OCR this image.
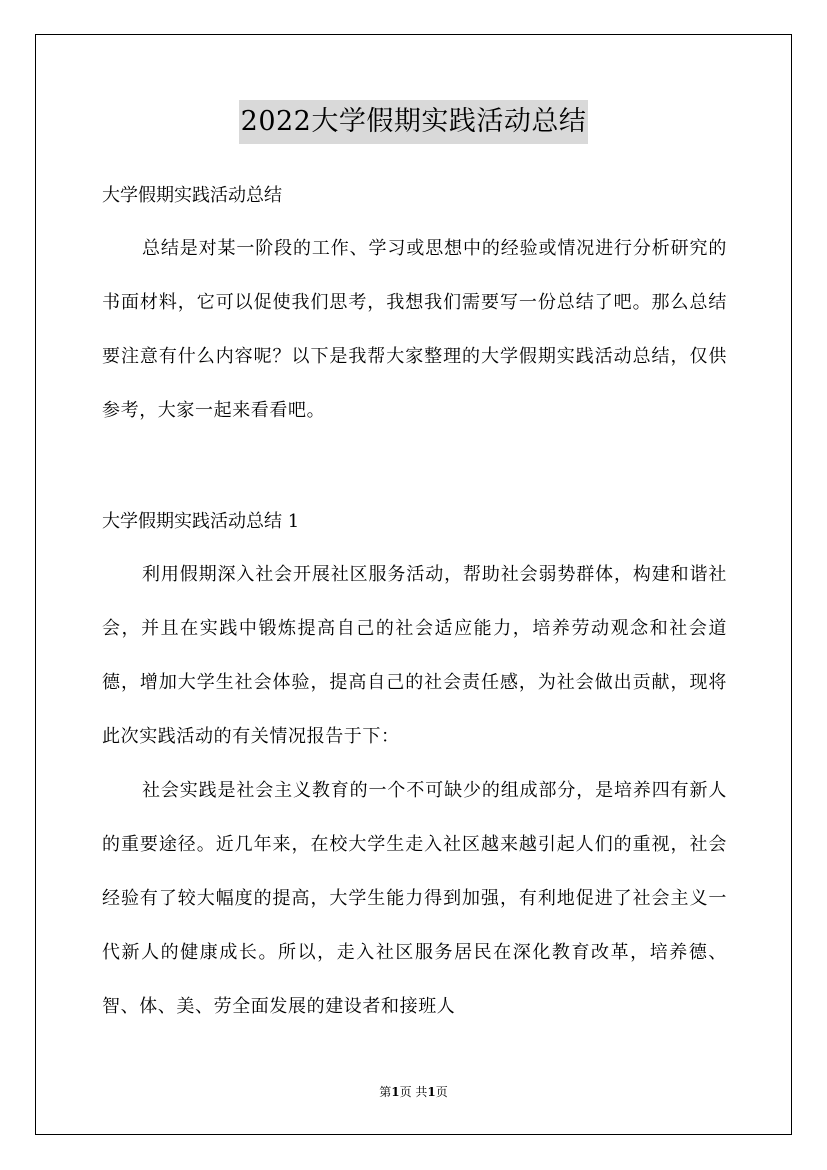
2022大学假期实践活动总结

大学假期实践活动总结

总结是对某一阶段的工作、学习或思想中的经验或情况进行分析研究的书面材料，它可以促使我们思考，我想我们需要写一份总结了吧。那么总结要注意有什么内容呢？以下是我帮大家整理的大学假期实践活动总结，仅供参考，大家一起来看看吧。

大学假期实践活动总结 1

利用假期深入社会开展社区服务活动，帮助社会弱势群体，构建和谐社会，并且在实践中锻炼提高自己的社会适应能力，培养劳动观念和社会道德，增加大学生社会体验，提高自己的社会责任感，为社会做出贡献，现将此次实践活动的有关情况报告于下：

社会实践是社会主义教育的一个不可缺少的组成部分，是培养四有新人的重要途径。近几年来，在校大学生走入社区越来越引起人们的重视，社会经验有了较大幅度的提高，大学生能力得到加强，有利地促进了社会主义一代新人的健康成长。所以，走入社区服务居民在深化教育改革，培养德、智、体、美、劳全面发展的建设者和接班人

第1页 共1页
